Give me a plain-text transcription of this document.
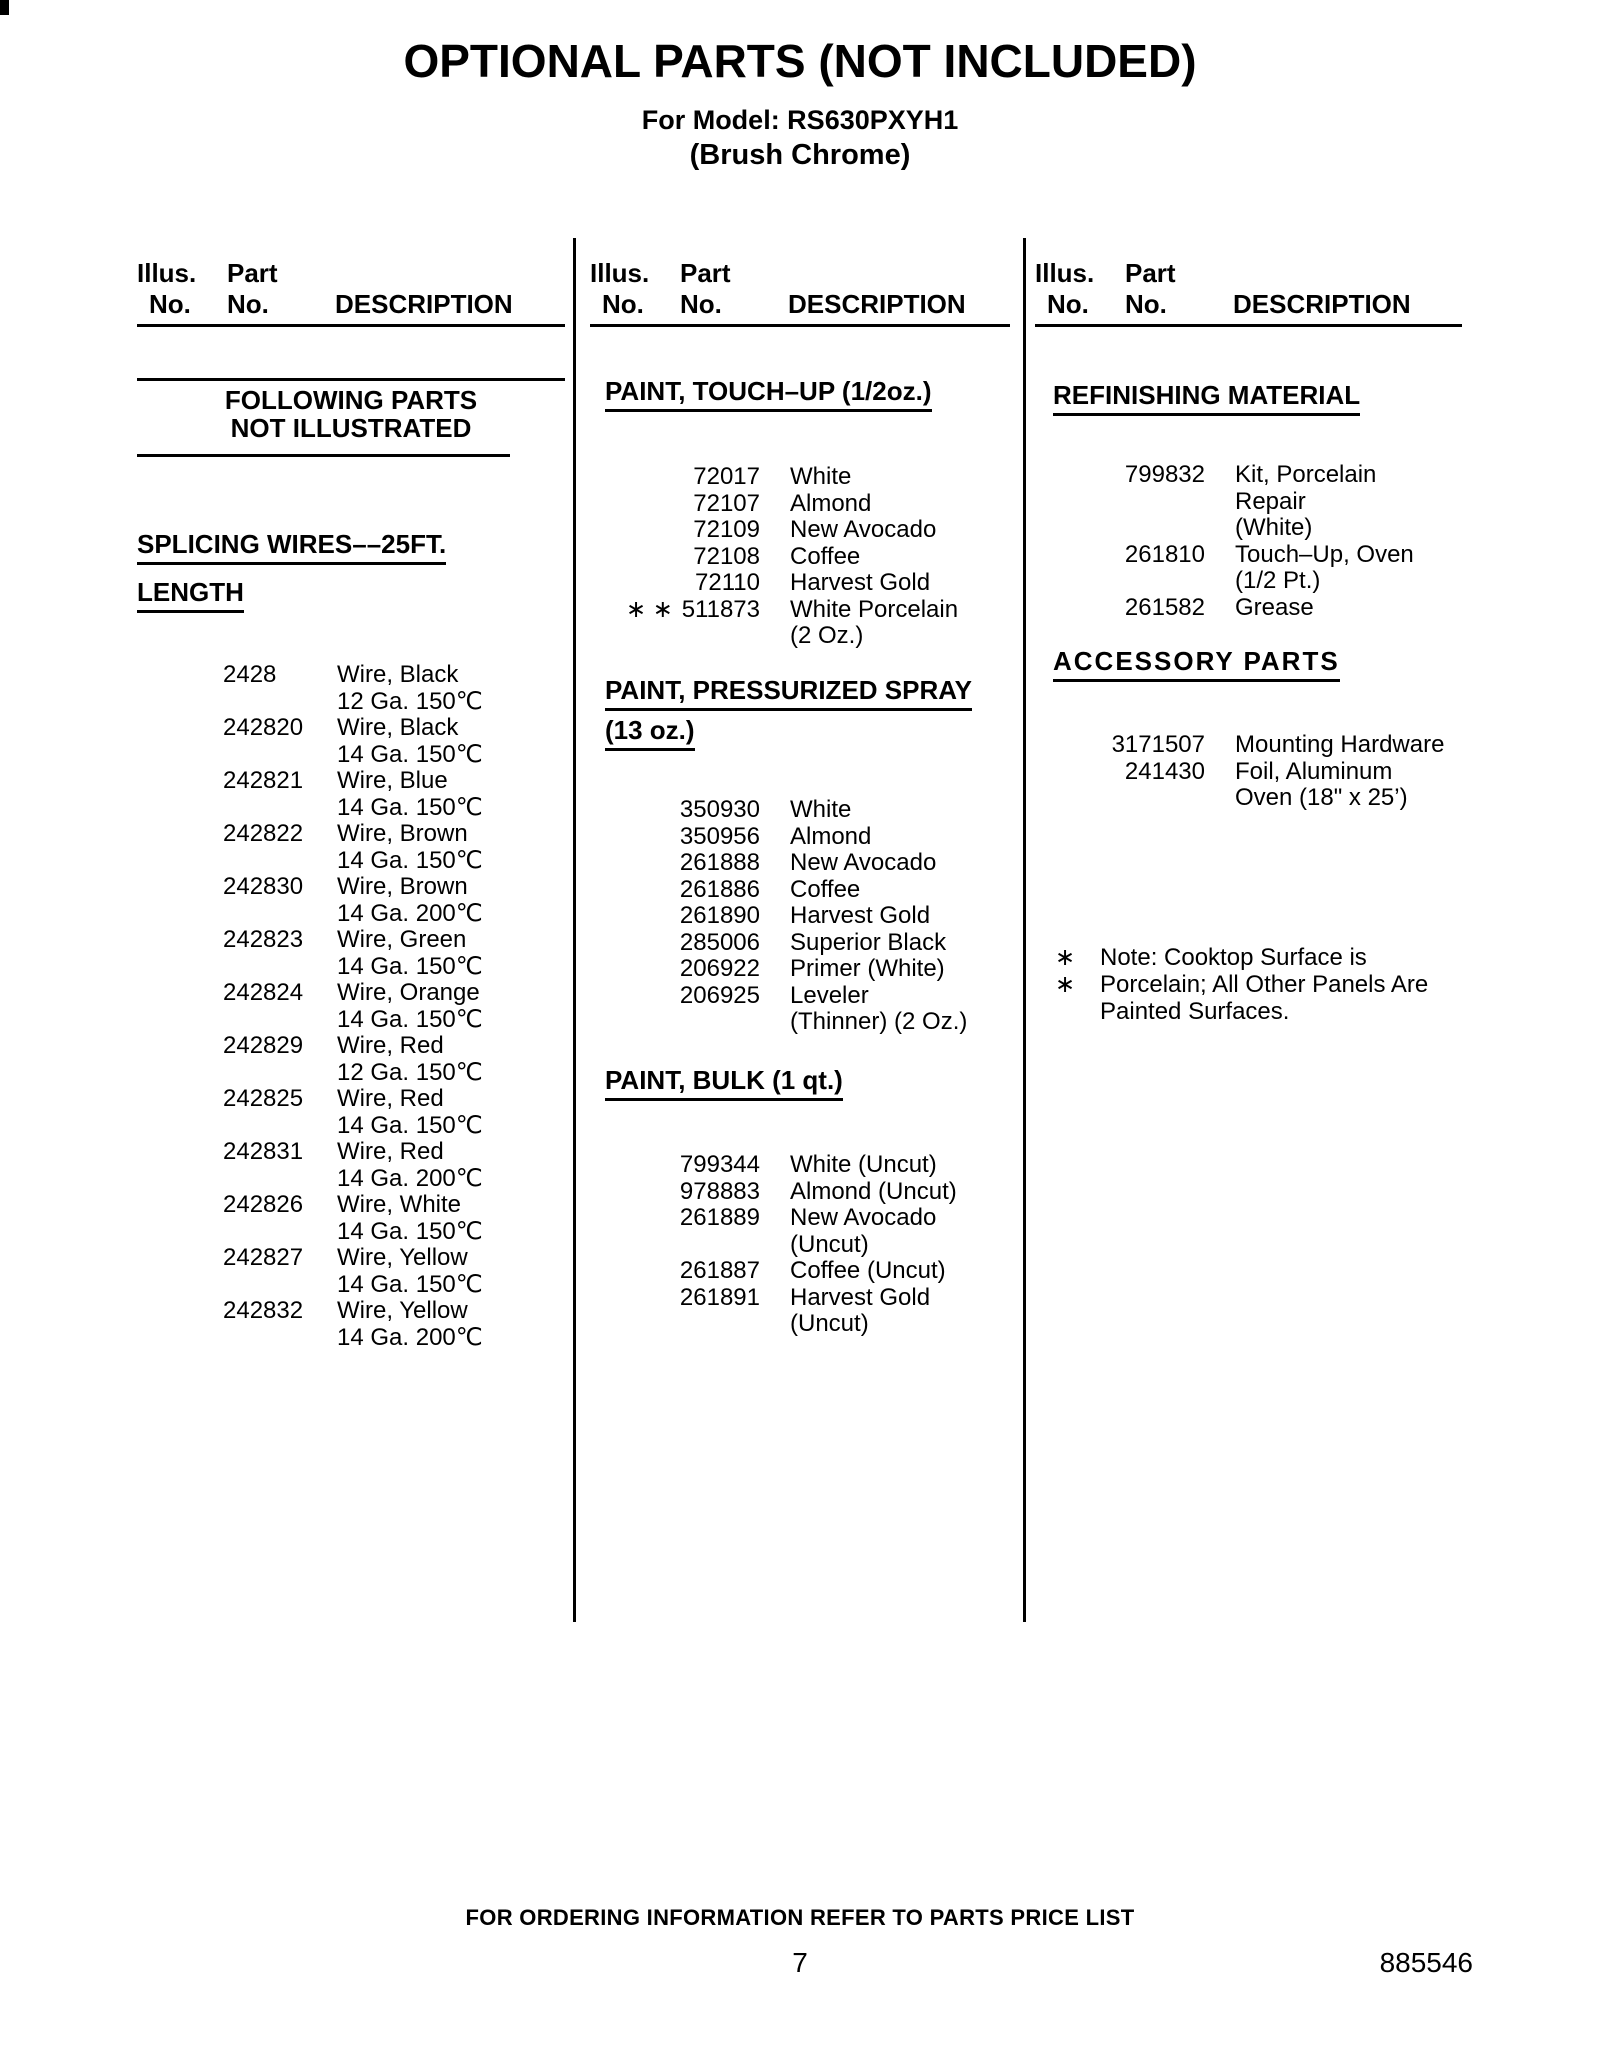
OPTIONAL PARTS (NOT INCLUDED)
For Model: RS630PXYH1
(Brush Chrome)
Illus.	Part
No.	No.	DESCRIPTION
Illus.	Part
No.	No.	DESCRIPTION
Illus.	Part
No.	No.	DESCRIPTION
FOLLOWING PARTS
NOT ILLUSTRATED
SPLICING WIRES––25FT.
LENGTH
2428	Wire, Black
12 Ga. 150℃
242820 Wire, Black
14 Ga. 150℃
242821 Wire, Blue
14 Ga. 150℃
242822 Wire, Brown
14 Ga. 150℃
242830 Wire, Brown
14 Ga. 200℃
242823 Wire, Green
14 Ga. 150℃
242824 Wire, Orange
14 Ga. 150℃
242829 Wire, Red
12 Ga. 150℃
242825 Wire, Red
14 Ga. 150℃
242831 Wire, Red
14 Ga. 200℃
242826 Wire, White
14 Ga. 150℃
242827 Wire, Yellow
14 Ga. 150℃
242832 Wire, Yellow
14 Ga. 200℃
PAINT, TOUCH–UP (1/2oz.)
72017 White
72107 Almond
72109 New Avocado
72108 Coffee
72110 Harvest Gold
∗ ∗ 511873 White Porcelain
(2 Oz.)
PAINT, PRESSURIZED SPRAY
(13 oz.)
350930 White
350956 Almond
261888 New Avocado
261886 Coffee
261890 Harvest Gold
285006 Superior Black
206922 Primer (White)
206925 Leveler
(Thinner) (2 Oz.)
PAINT, BULK (1 qt.)
799344 White (Uncut)
978883 Almond (Uncut)
261889 New Avocado
(Uncut)
261887 Coffee (Uncut)
261891 Harvest Gold
(Uncut)
REFINISHING MATERIAL
799832 Kit, Porcelain
Repair
(White)
261810 Touch–Up, Oven
(1/2 Pt.)
261582 Grease
ACCESSORY PARTS
3171507 Mounting Hardware
241430 Foil, Aluminum
Oven (18" x 25’)
∗ ∗
Note: Cooktop Surface is
Porcelain; All Other Panels Are
Painted Surfaces.
FOR ORDERING INFORMATION REFER TO PARTS PRICE LIST
7	885546
